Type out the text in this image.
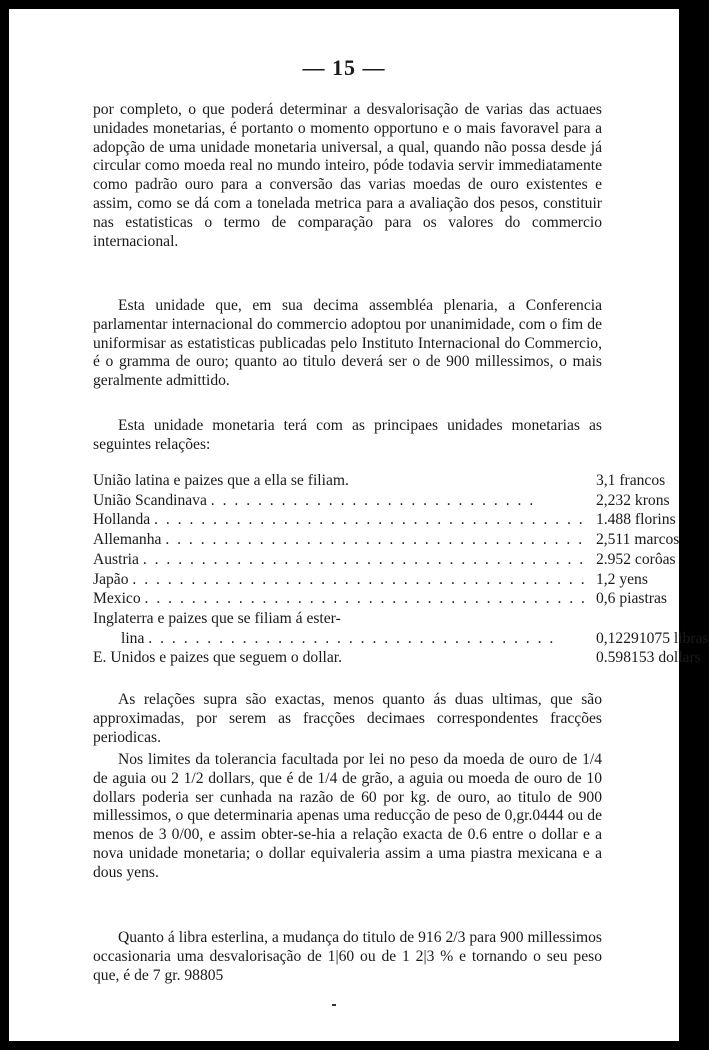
— 15 —

por completo, o que poderá determinar a desvalorisação de varias das actuaes unidades monetarias, é portanto o momento opportuno e o mais favoravel para a adopção de uma unidade monetaria universal, a qual, quando não possa desde já circular como moeda real no mundo inteiro, póde todavia servir immediatamente como padrão ouro para a conversão das varias moedas de ouro existentes e assim, como se dá com a tonelada metrica para a avaliação dos pesos, constituir nas estatisticas o termo de comparação para os valores do commercio internacional.

Esta unidade que, em sua decima assembléa plenaria, a Conferencia parlamentar internacional do commercio adoptou por unanimidade, com o fim de uniformisar as estatisticas publicadas pelo Instituto Internacional do Commercio, é o gramma de ouro; quanto ao titulo deverá ser o de 900 millessimos, o mais geralmente admittido.

Esta unidade monetaria terá com as principaes unidades monetarias as seguintes relações:

União latina e paizes que a ella se filiam.	3,1 francos
União Scandinava . . . . . . . . . . . . . . . . . . . . . . . . . . . .	2,232 krons
Hollanda . . . . . . . . . . . . . . . . . . . . . . . . . . . . . . . . . . . . .	1.488 florins
Allemanha . . . . . . . . . . . . . . . . . . . . . . . . . . . . . . . . . . . .	2,511 marcos
Austria . . . . . . . . . . . . . . . . . . . . . . . . . . . . . . . . . . . . . .	2.952 corôas
Japão . . . . . . . . . . . . . . . . . . . . . . . . . . . . . . . . . . . . . . .	1,2 yens
Mexico . . . . . . . . . . . . . . . . . . . . . . . . . . . . . . . . . . . . . .	0,6 piastras
Inglaterra e paizes que se filiam á ester-	
lina . . . . . . . . . . . . . . . . . . . . . . . . . . . . . . . . . . .	0,12291075 libras
E. Unidos e paizes que seguem o dollar.	0.598153 dollars

As relações supra são exactas, menos quanto ás duas ultimas, que são approximadas, por serem as fracções decimaes correspondentes fracções periodicas.

Nos limites da tolerancia facultada por lei no peso da moeda de ouro de 1/4 de aguia ou 2 1/2 dollars, que é de 1/4 de grão, a aguia ou moeda de ouro de 10 dollars poderia ser cunhada na razão de 60 por kg. de ouro, ao titulo de 900 millessimos, o que determinaria apenas uma reducção de peso de 0,gr.0444 ou de menos de 3 0/00, e assim obter-se-hia a relação exacta de 0.6 entre o dollar e a nova unidade monetaria; o dollar equivaleria assim a uma piastra mexicana e a dous yens.

Quanto á libra esterlina, a mudança do titulo de 916 2/3 para 900 millessimos occasionaria uma desvalorisação de 1|60 ou de 1 2|3 % e tornando o seu peso que, é de 7 gr. 98805
